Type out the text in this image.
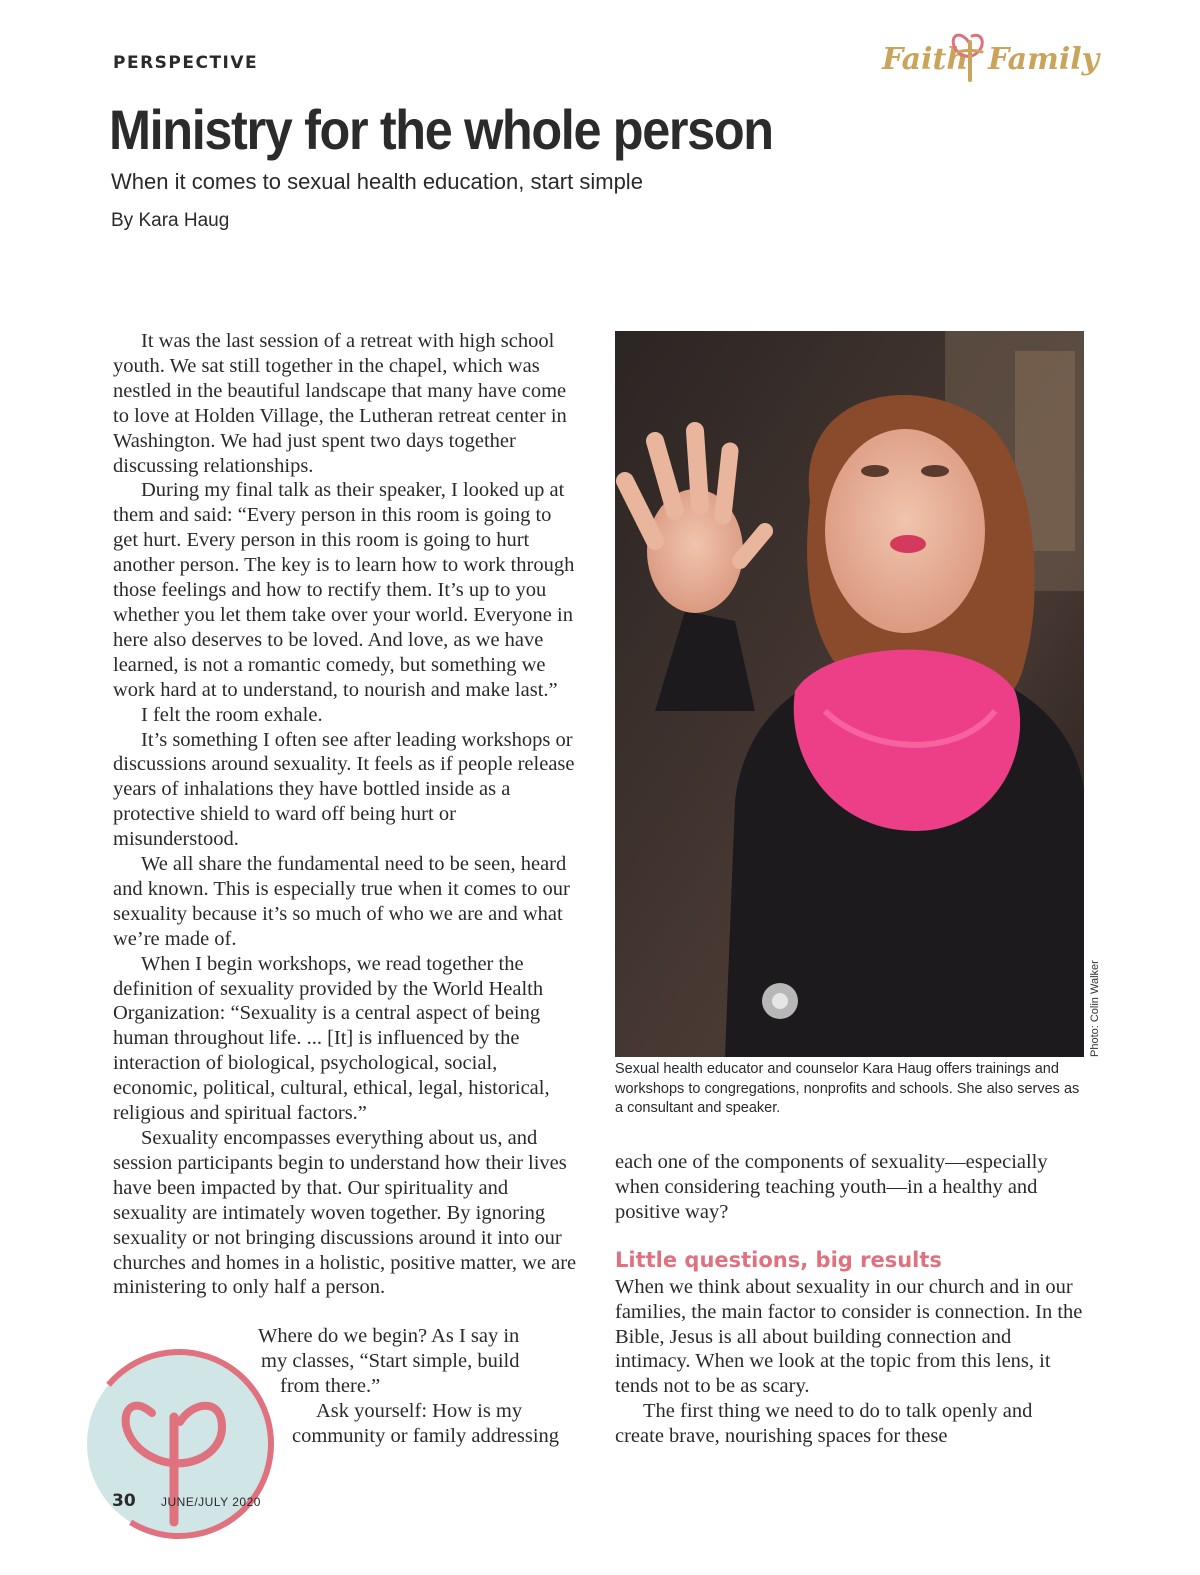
PERSPECTIVE	Faith Family
Ministry for the whole person
When it comes to sexual health education, start simple
By Kara Haug

It was the last session of a retreat with high school youth. We sat still together in the chapel, which was nestled in the beautiful landscape that many have come to love at Holden Village, the Lutheran retreat center in Washington. We had just spent two days together discussing relationships.

During my final talk as their speaker, I looked up at them and said: “Every person in this room is going to get hurt. Every person in this room is going to hurt another person. The key is to learn how to work through those feelings and how to rectify them. It’s up to you whether you let them take over your world. Everyone in here also deserves to be loved. And love, as we have learned, is not a romantic comedy, but something we work hard at to understand, to nourish and make last.”

I felt the room exhale.

It’s something I often see after leading workshops or discussions around sexuality. It feels as if people release years of inhalations they have bottled inside as a protective shield to ward off being hurt or misunderstood.

We all share the fundamental need to be seen, heard and known. This is especially true when it comes to our sexuality because it’s so much of who we are and what we’re made of.

When I begin workshops, we read together the definition of sexuality provided by the World Health Organization: “Sexuality is a central aspect of being human throughout life. ... [It] is influenced by the interaction of biological, psychological, social, economic, political, cultural, ethical, legal, historical, religious and spiritual factors.”

Sexuality encompasses everything about us, and session participants begin to understand how their lives have been impacted by that. Our spirituality and sexuality are intimately woven together. By ignoring sexuality or not bringing discussions around it into our churches and homes in a holistic, positive matter, we are ministering to only half a person.

Where do we begin? As I say in

my classes, “Start simple, build

from there.”

Ask yourself: How is my

community or family addressing

Photo: Colin Walker
Sexual health educator and counselor Kara Haug offers trainings and workshops to congregations, nonprofits and schools. She also serves as a consultant and speaker.

each one of the components of sexuality—especially when considering teaching youth—in a healthy and positive way?

Little questions, big results

When we think about sexuality in our church and in our families, the main factor to consider is connection. In the Bible, Jesus is all about building connection and intimacy. When we look at the topic from this lens, it tends not to be as scary.

The first thing we need to do to talk openly and create brave, nourishing spaces for these

30 JUNE/JULY 2020
